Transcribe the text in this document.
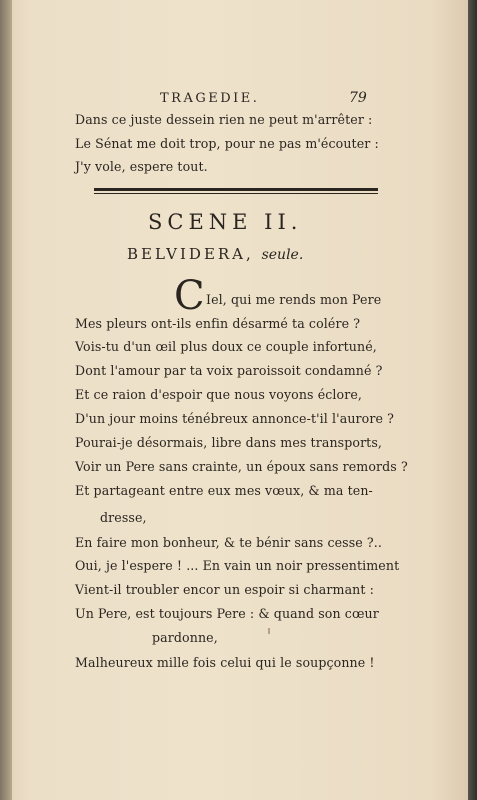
TRAGEDIE.	79
Dans ce juste dessein rien ne peut m'arrêter :
Le Sénat me doit trop, pour ne pas m'écouter :
J'y vole, espere tout.
SCENE II.
BELVIDERA, seule.
C Iel, qui me rends mon Pere
Mes pleurs ont-ils enfin désarmé ta colére ?
Vois-tu d'un œil plus doux ce couple infortuné,
Dont l'amour par ta voix paroissoit condamné ?
Et ce raion d'espoir que nous voyons éclore,
D'un jour moins ténébreux annonce-t'il l'aurore ?
Pourai-je désormais, libre dans mes transports,
Voir un Pere sans crainte, un époux sans remords ?
Et partageant entre eux mes vœux, & ma ten-
dresse,
En faire mon bonheur, & te bénir sans cesse ?..
Oui, je l'espere ! ... En vain un noir pressentiment
Vient-il troubler encor un espoir si charmant :
Un Pere, est toujours Pere : & quand son cœur
pardonne,
Malheureux mille fois celui qui le soupçonne !
